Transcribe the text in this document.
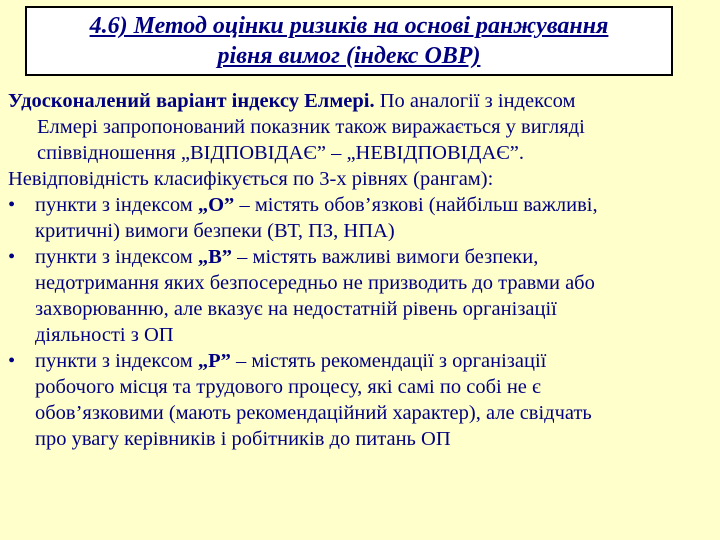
4.6) Метод оцінки ризиків на основі ранжування
рівня вимог (індекс ОВР)
Удосконалений варіант індексу Елмері. По аналогії з індексом
Елмері запропонований показник також виражається у вигляді
співвідношення „ВІДПОВІДАЄ” – „НЕВІДПОВІДАЄ”.
Невідповідність класифікується по 3-х рівнях (рангам):
• пункти з індексом „О” – містять обов’язкові (найбільш важливі,
критичні) вимоги безпеки (ВТ, ПЗ, НПА)
• пункти з індексом „В” – містять важливі вимоги безпеки,
недотримання яких безпосередньо не призводить до травми або
захворюванню, але вказує на недостатній рівень організації
діяльності з ОП
• пункти з індексом „Р” – містять рекомендації з організації
робочого місця та трудового процесу, які самі по собі не є
обов’язковими (мають рекомендаційний характер), але свідчать
про увагу керівників і робітників до питань ОП
